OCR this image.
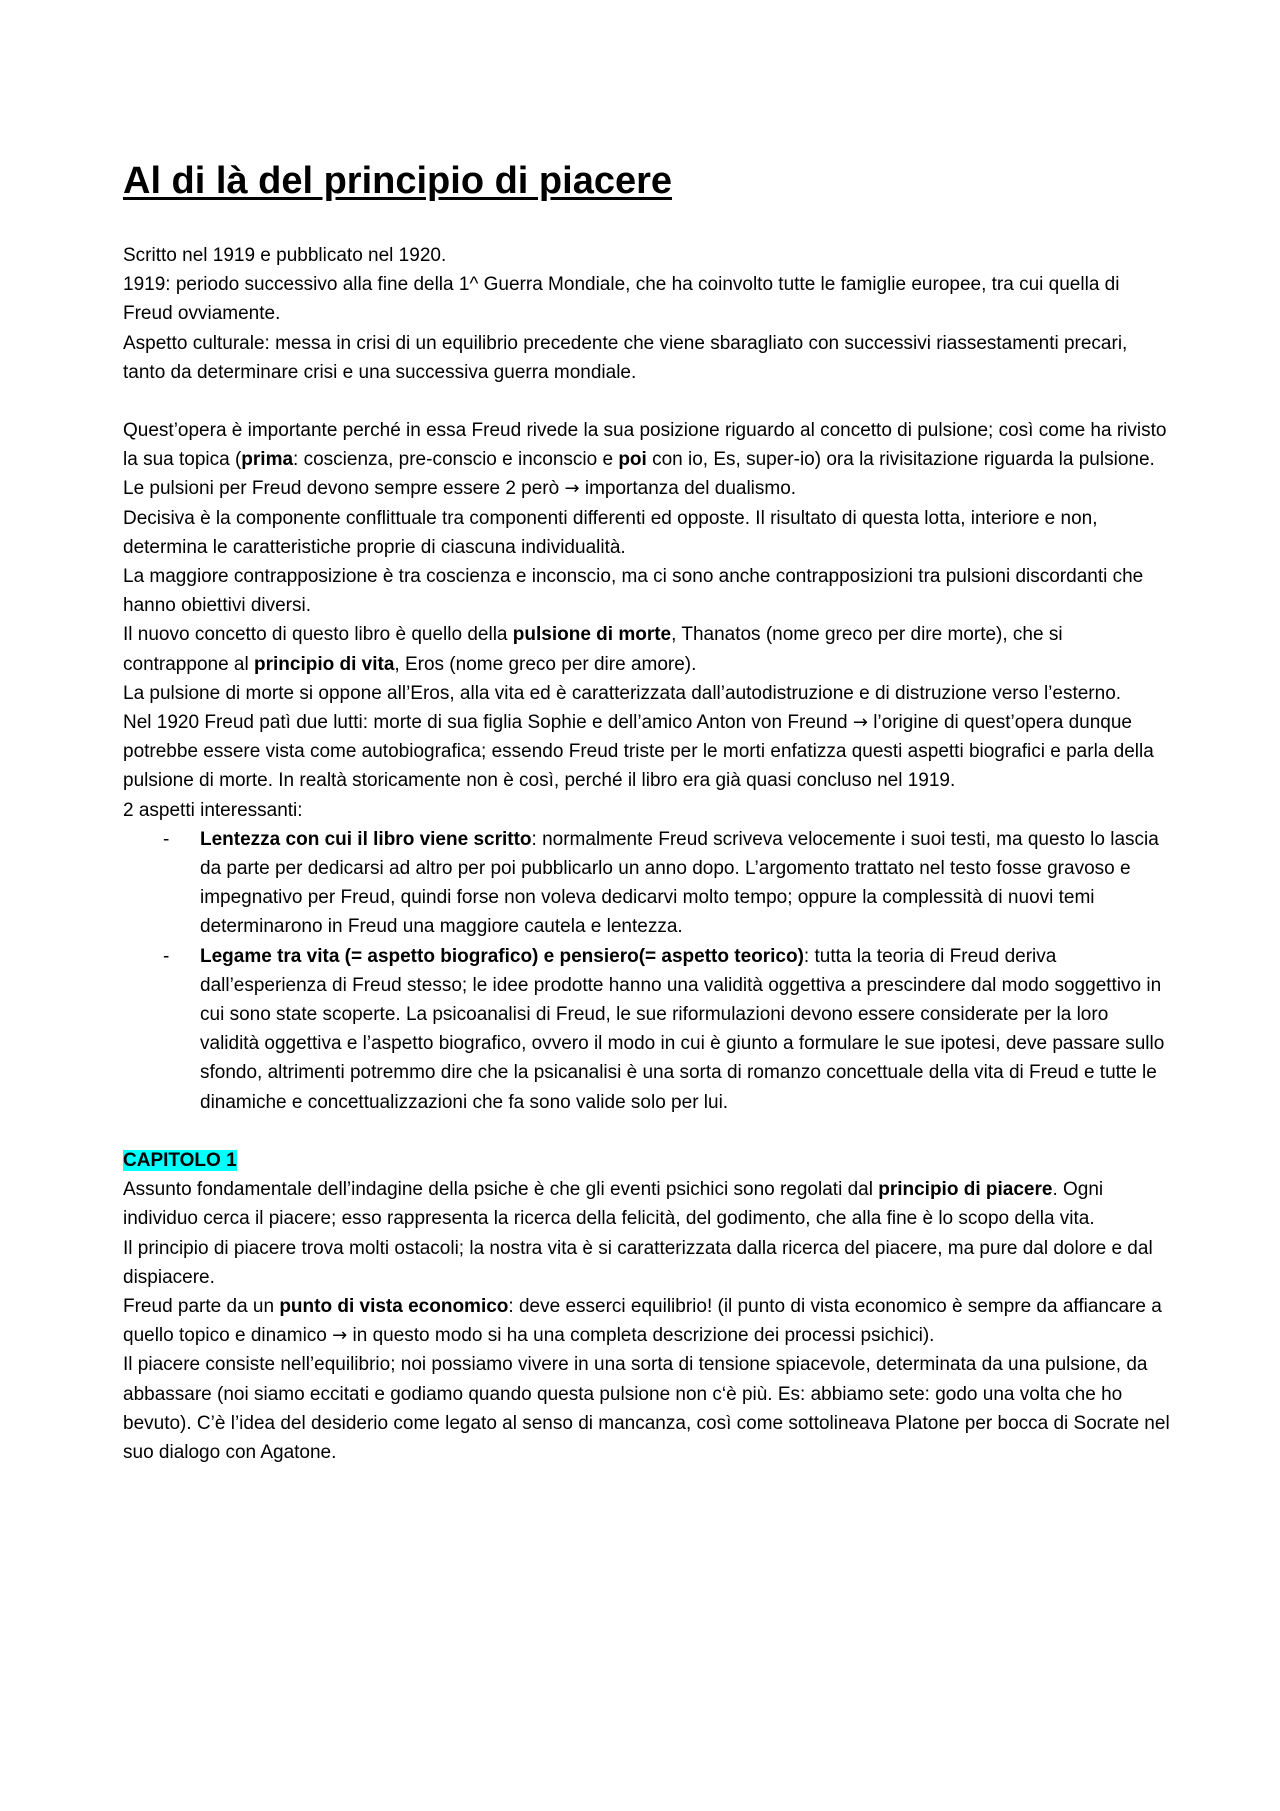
Al di là del principio di piacere

Scritto nel 1919 e pubblicato nel 1920.

1919: periodo successivo alla fine della 1^ Guerra Mondiale, che ha coinvolto tutte le famiglie europee, tra cui quella di Freud ovviamente.

Aspetto culturale: messa in crisi di un equilibrio precedente che viene sbaragliato con successivi riassestamenti precari, tanto da determinare crisi e una successiva guerra mondiale.

Quest’opera è importante perché in essa Freud rivede la sua posizione riguardo al concetto di pulsione; così come ha rivisto la sua topica (prima: coscienza, pre-conscio e inconscio e poi con io, Es, super-io) ora la rivisitazione riguarda la pulsione.

Le pulsioni per Freud devono sempre essere 2 però → importanza del dualismo.

Decisiva è la componente conflittuale tra componenti differenti ed opposte. Il risultato di questa lotta, interiore e non, determina le caratteristiche proprie di ciascuna individualità.

La maggiore contrapposizione è tra coscienza e inconscio, ma ci sono anche contrapposizioni tra pulsioni discordanti che hanno obiettivi diversi.

Il nuovo concetto di questo libro è quello della pulsione di morte, Thanatos (nome greco per dire morte), che si contrappone al principio di vita, Eros (nome greco per dire amore).

La pulsione di morte si oppone all’Eros, alla vita ed è caratterizzata dall’autodistruzione e di distruzione verso l’esterno.

Nel 1920 Freud patì due lutti: morte di sua figlia Sophie e dell’amico Anton von Freund → l’origine di quest’opera dunque potrebbe essere vista come autobiografica; essendo Freud triste per le morti enfatizza questi aspetti biografici e parla della pulsione di morte. In realtà storicamente non è così, perché il libro era già quasi concluso nel 1919.

2 aspetti interessanti:

- Lentezza con cui il libro viene scritto: normalmente Freud scriveva velocemente i suoi testi, ma questo lo lascia da parte per dedicarsi ad altro per poi pubblicarlo un anno dopo. L’argomento trattato nel testo fosse gravoso e impegnativo per Freud, quindi forse non voleva dedicarvi molto tempo; oppure la complessità di nuovi temi determinarono in Freud una maggiore cautela e lentezza.
- Legame tra vita (= aspetto biografico) e pensiero(= aspetto teorico): tutta la teoria di Freud deriva dall’esperienza di Freud stesso; le idee prodotte hanno una validità oggettiva a prescindere dal modo soggettivo in cui sono state scoperte. La psicoanalisi di Freud, le sue riformulazioni devono essere considerate per la loro validità oggettiva e l’aspetto biografico, ovvero il modo in cui è giunto a formulare le sue ipotesi, deve passare sullo sfondo, altrimenti potremmo dire che la psicanalisi è una sorta di romanzo concettuale della vita di Freud e tutte le dinamiche e concettualizzazioni che fa sono valide solo per lui.

CAPITOLO 1

Assunto fondamentale dell’indagine della psiche è che gli eventi psichici sono regolati dal principio di piacere. Ogni individuo cerca il piacere; esso rappresenta la ricerca della felicità, del godimento, che alla fine è lo scopo della vita.

Il principio di piacere trova molti ostacoli; la nostra vita è si caratterizzata dalla ricerca del piacere, ma pure dal dolore e dal dispiacere.

Freud parte da un punto di vista economico: deve esserci equilibrio! (il punto di vista economico è sempre da affiancare a quello topico e dinamico → in questo modo si ha una completa descrizione dei processi psichici).

Il piacere consiste nell’equilibrio; noi possiamo vivere in una sorta di tensione spiacevole, determinata da una pulsione, da abbassare (noi siamo eccitati e godiamo quando questa pulsione non c‘è più. Es: abbiamo sete: godo una volta che ho bevuto). C’è l’idea del desiderio come legato al senso di mancanza, così come sottolineava Platone per bocca di Socrate nel suo dialogo con Agatone.
